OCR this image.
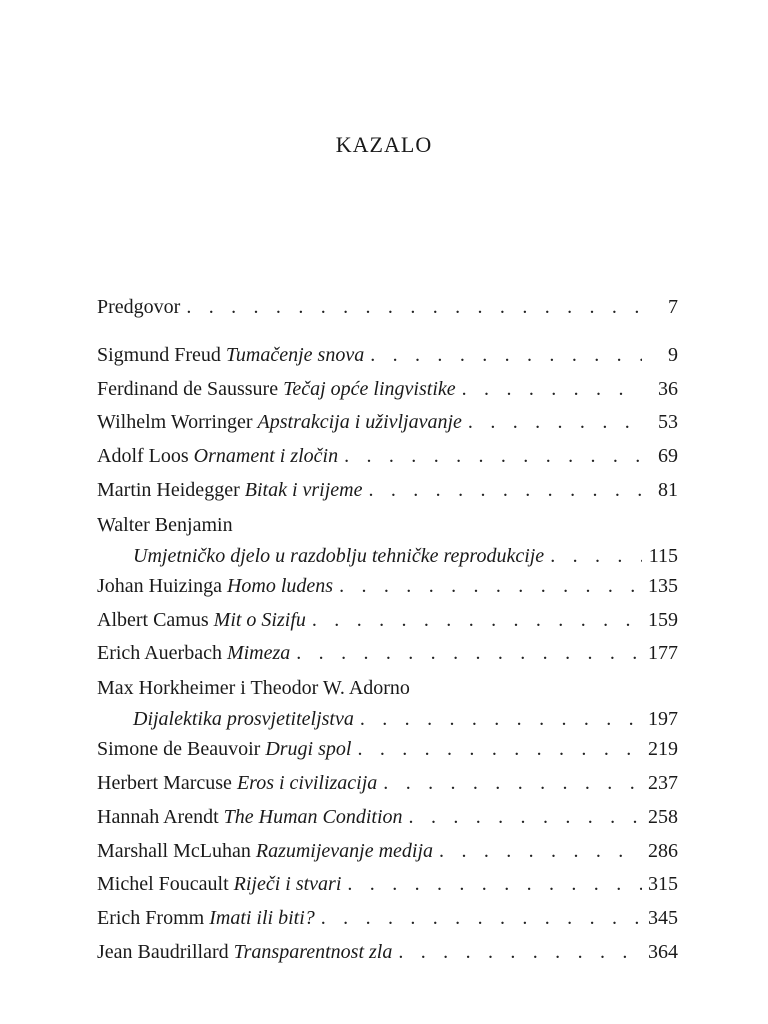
KAZALO
Predgovor . . .	7
Sigmund Freud Tumačenje snova . . .	9
Ferdinand de Saussure Tečaj opće lingvistike . . .	36
Wilhelm Worringer Apstrakcija i uživljavanje . . .	53
Adolf Loos Ornament i zločin . . .	69
Martin Heidegger Bitak i vrijeme . . .	81
Walter Benjamin
Umjetničko djelo u razdoblju tehničke reprodukcije . . .	115
Johan Huizinga Homo ludens . . .	135
Albert Camus Mit o Sizifu . . .	159
Erich Auerbach Mimeza . . .	177
Max Horkheimer i Theodor W. Adorno
Dijalektika prosvjetiteljstva . . .	197
Simone de Beauvoir Drugi spol . . .	219
Herbert Marcuse Eros i civilizacija . . .	237
Hannah Arendt The Human Condition . . .	258
Marshall McLuhan Razumijevanje medija . . .	286
Michel Foucault Riječi i stvari . . .	315
Erich Fromm Imati ili biti? . . .	345
Jean Baudrillard Transparentnost zla . . .	364
